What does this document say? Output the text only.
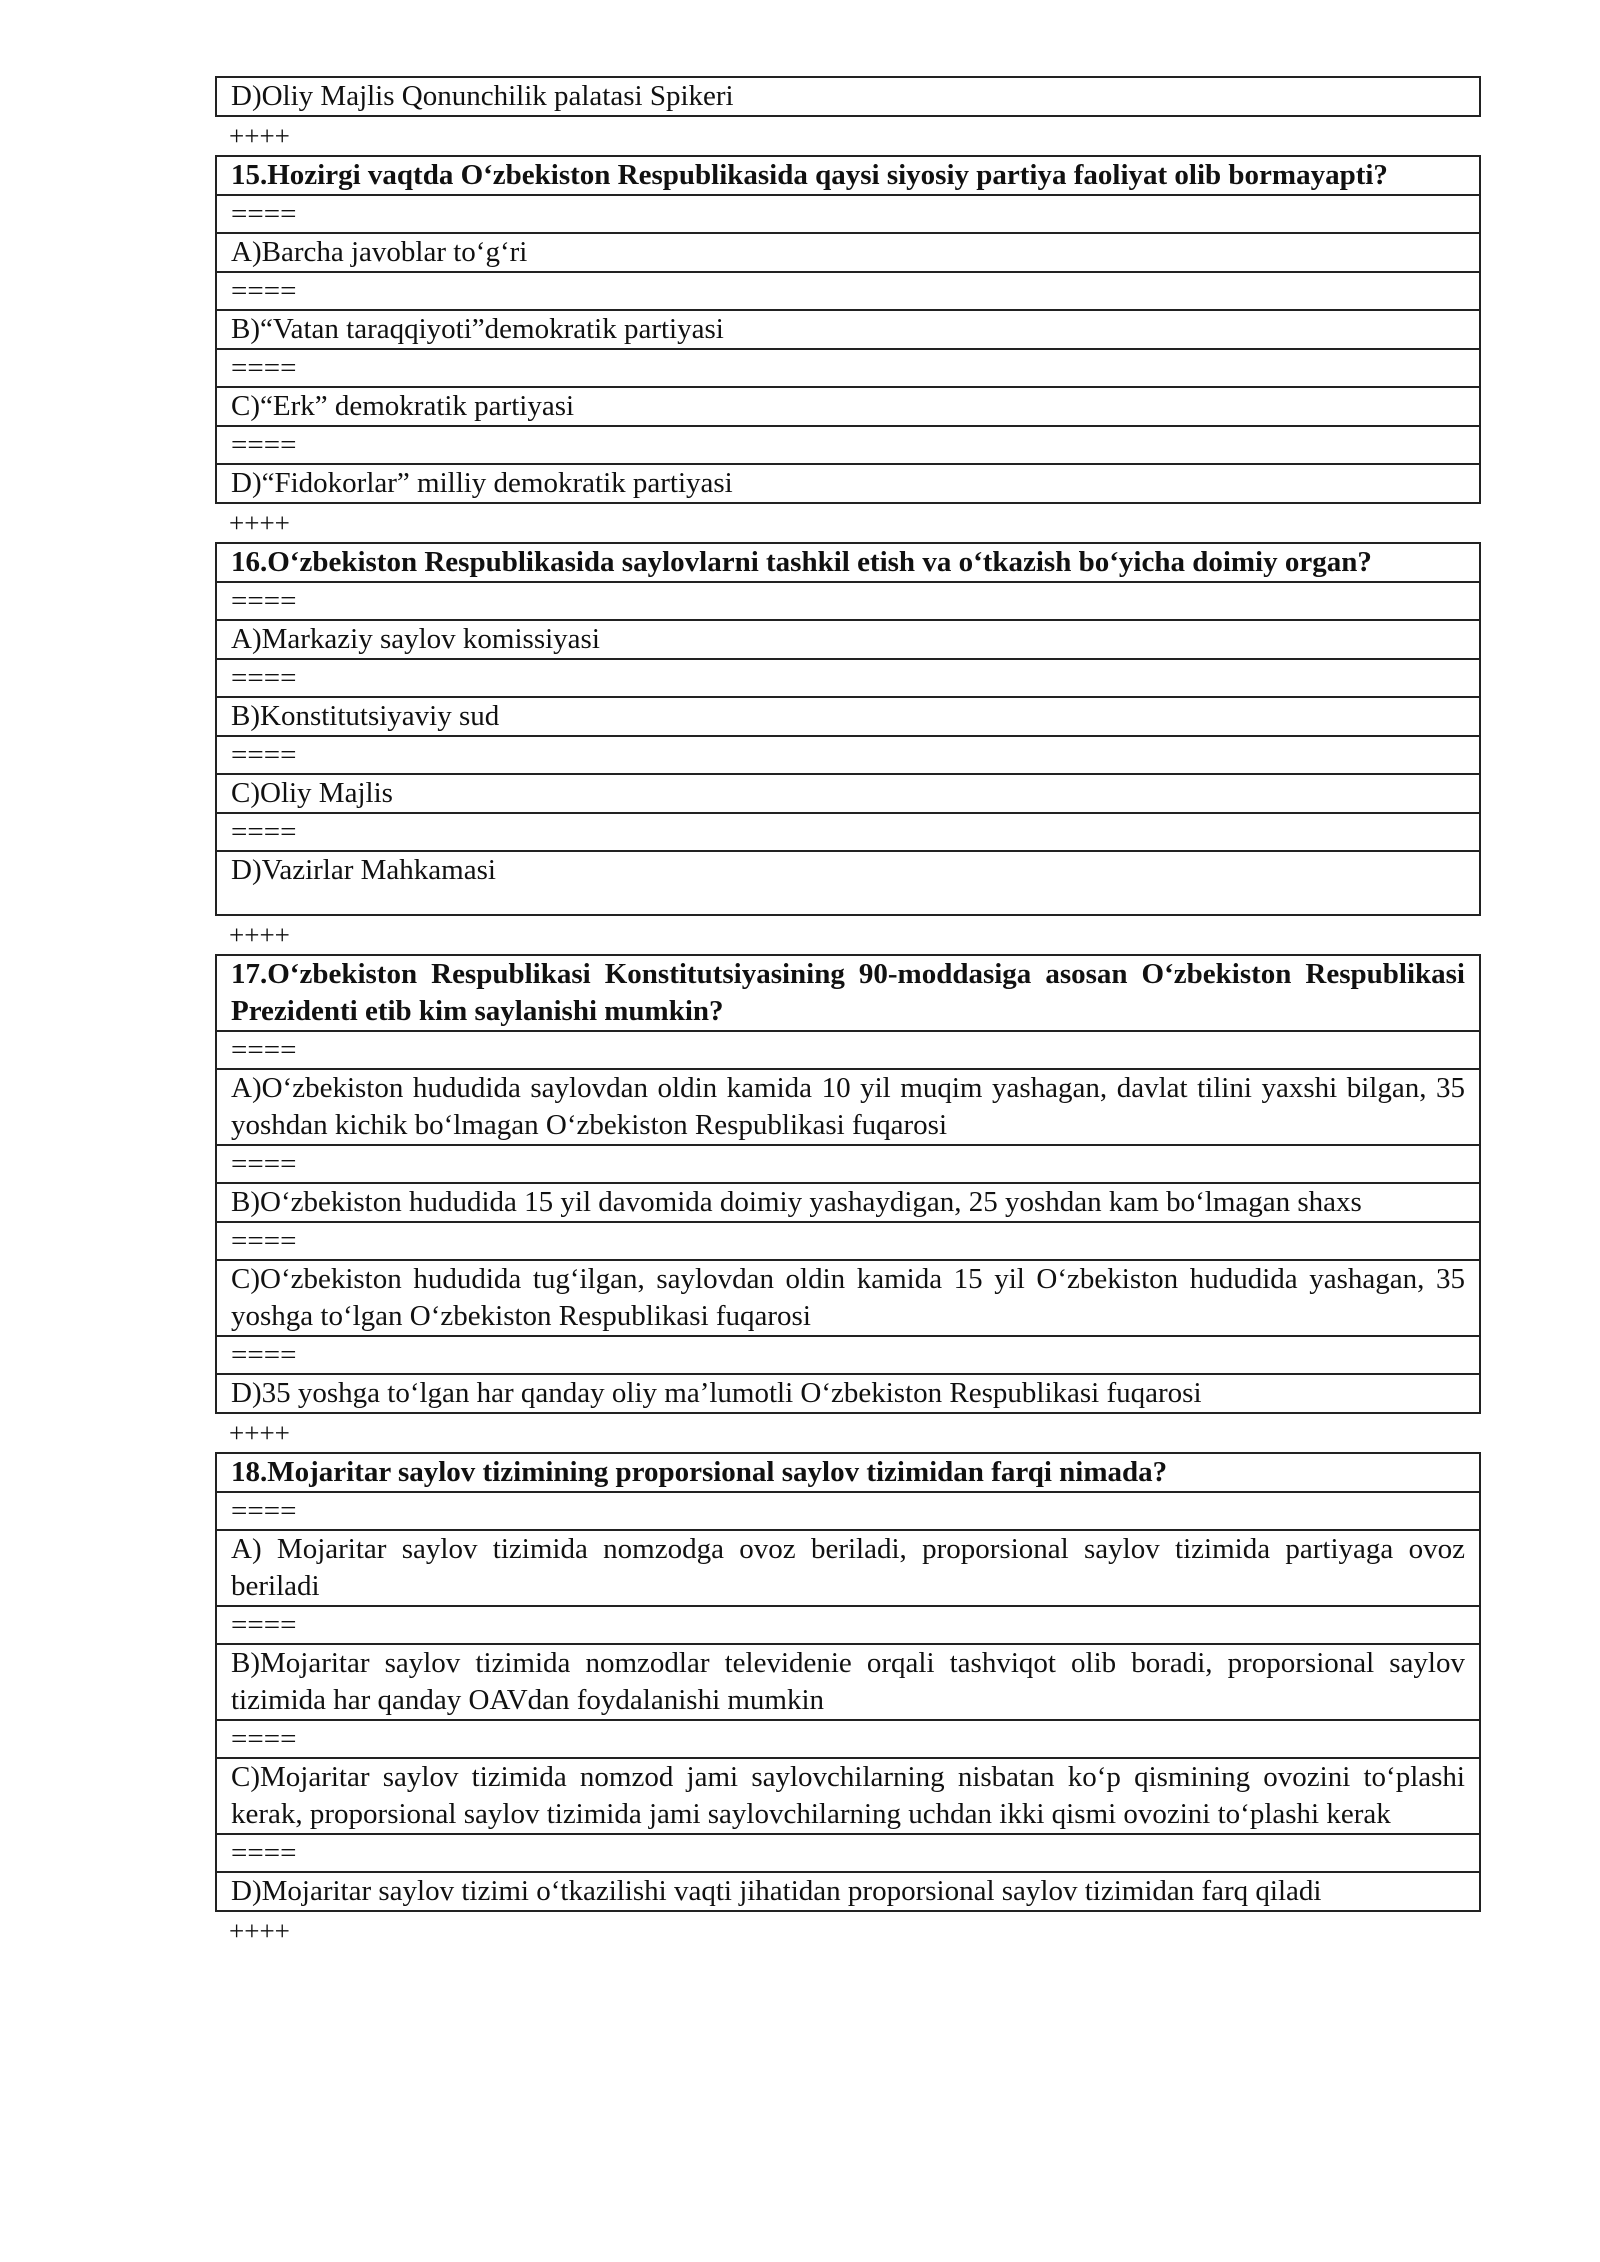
D)Oliy Majlis Qonunchilik palatasi Spikeri
++++
15.Hozirgi vaqtda O‘zbekiston Respublikasida qaysi siyosiy partiya faoliyat olib bormayapti?
====
A)Barcha javoblar to‘g‘ri
====
B)“Vatan taraqqiyoti”demokratik partiyasi
====
C)“Erk” demokratik partiyasi
====
D)“Fidokorlar” milliy demokratik partiyasi
++++
16.O‘zbekiston Respublikasida saylovlarni tashkil etish va o‘tkazish bo‘yicha doimiy organ?
====
A)Markaziy saylov komissiyasi
====
B)Konstitutsiyaviy sud
====
C)Oliy Majlis
====
D)Vazirlar Mahkamasi
++++
17.O‘zbekiston Respublikasi Konstitutsiyasining 90-moddasiga asosan O‘zbekiston Respublikasi Prezidenti etib kim saylanishi mumkin?
====
A)O‘zbekiston hududida saylovdan oldin kamida 10 yil muqim yashagan, davlat tilini yaxshi bilgan, 35 yoshdan kichik bo‘lmagan O‘zbekiston Respublikasi fuqarosi
====
B)O‘zbekiston hududida 15 yil davomida doimiy yashaydigan, 25 yoshdan kam bo‘lmagan shaxs
====
C)O‘zbekiston hududida tug‘ilgan, saylovdan oldin kamida 15 yil O‘zbekiston hududida yashagan, 35 yoshga to‘lgan O‘zbekiston Respublikasi fuqarosi
====
D)35 yoshga to‘lgan har qanday oliy ma’lumotli O‘zbekiston Respublikasi fuqarosi
++++
18.Mojaritar saylov tizimining proporsional saylov tizimidan farqi nimada?
====
A) Mojaritar saylov tizimida nomzodga ovoz beriladi, proporsional saylov tizimida partiyaga ovoz beriladi
====
B)Mojaritar saylov tizimida nomzodlar televidenie orqali tashviqot olib boradi, proporsional saylov tizimida har qanday OAVdan foydalanishi mumkin
====
C)Mojaritar saylov tizimida nomzod jami saylovchilarning nisbatan ko‘p qismining ovozini to‘plashi kerak, proporsional saylov tizimida jami saylovchilarning uchdan ikki qismi ovozini to‘plashi kerak
====
D)Mojaritar saylov tizimi o‘tkazilishi vaqti jihatidan proporsional saylov tizimidan farq qiladi
++++
